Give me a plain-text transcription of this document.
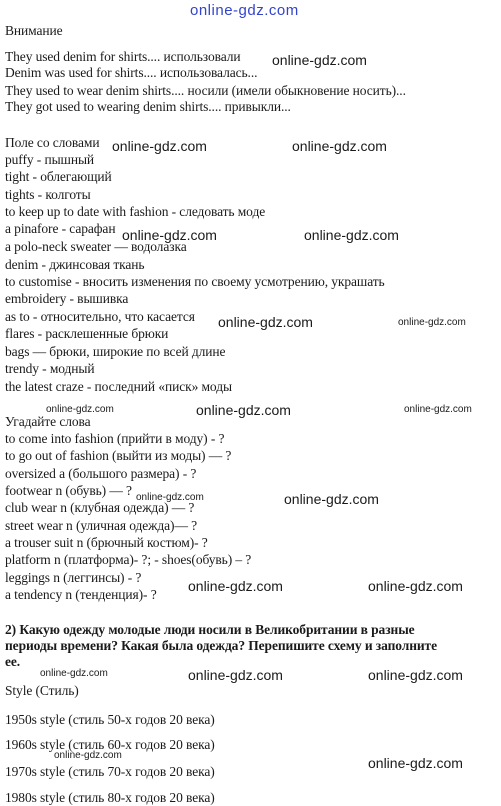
online-gdz.com
Внимание
They used denim for shirts.... использовали
Denim was used for shirts.... использовалась...
They used to wear denim shirts.... носили (имели обыкновение носить)...
They got used to wearing denim shirts.... привыкли...
Поле со словами
puffy - пышный
tight - облегающий
tights - колготы
to keep up to date with fashion - следовать моде
a pinafore - сарафан
a polo-neck sweater — водолазка
denim - джинсовая ткань
to customise - вносить изменения по своему усмотрению, украшать
embroidery - вышивка
as to - относительно, что касается
flares - расклешенные брюки
bags — брюки, широкие по всей длине
trendy - модный
the latest craze - последний «писк» моды
Угадайте слова
to come into fashion (прийти в моду) - ?
to go out of fashion (выйти из моды) — ?
oversized a (большого размера) - ?
footwear n (обувь) — ?
club wear n (клубная одежда) — ?
street wear n (уличная одежда)— ?
a trouser suit n (брючный костюм)- ?
platform n (платформа)- ?; - shoes(обувь) – ?
leggings n (леггинсы) - ?
a tendency n (тенденция)- ?
2) Какую одежду молодые люди носили в Великобритании в разные
периоды времени? Какая была одежда? Перепишите схему и заполните
ее.
Style (Стиль)
1950s style (стиль 50-х годов 20 века)
1960s style (стиль 60-х годов 20 века)
1970s style (стиль 70-х годов 20 века)
1980s style (стиль 80-х годов 20 века)
online-gdz.com
online-gdz.com	online-gdz.com
online-gdz.com	online-gdz.com
online-gdz.com	online-gdz.com
online-gdz.com	online-gdz.com	online-gdz.com
online-gdz.com	online-gdz.com
online-gdz.com	online-gdz.com
online-gdz.com	online-gdz.com	online-gdz.com
online-gdz.com	online-gdz.com
